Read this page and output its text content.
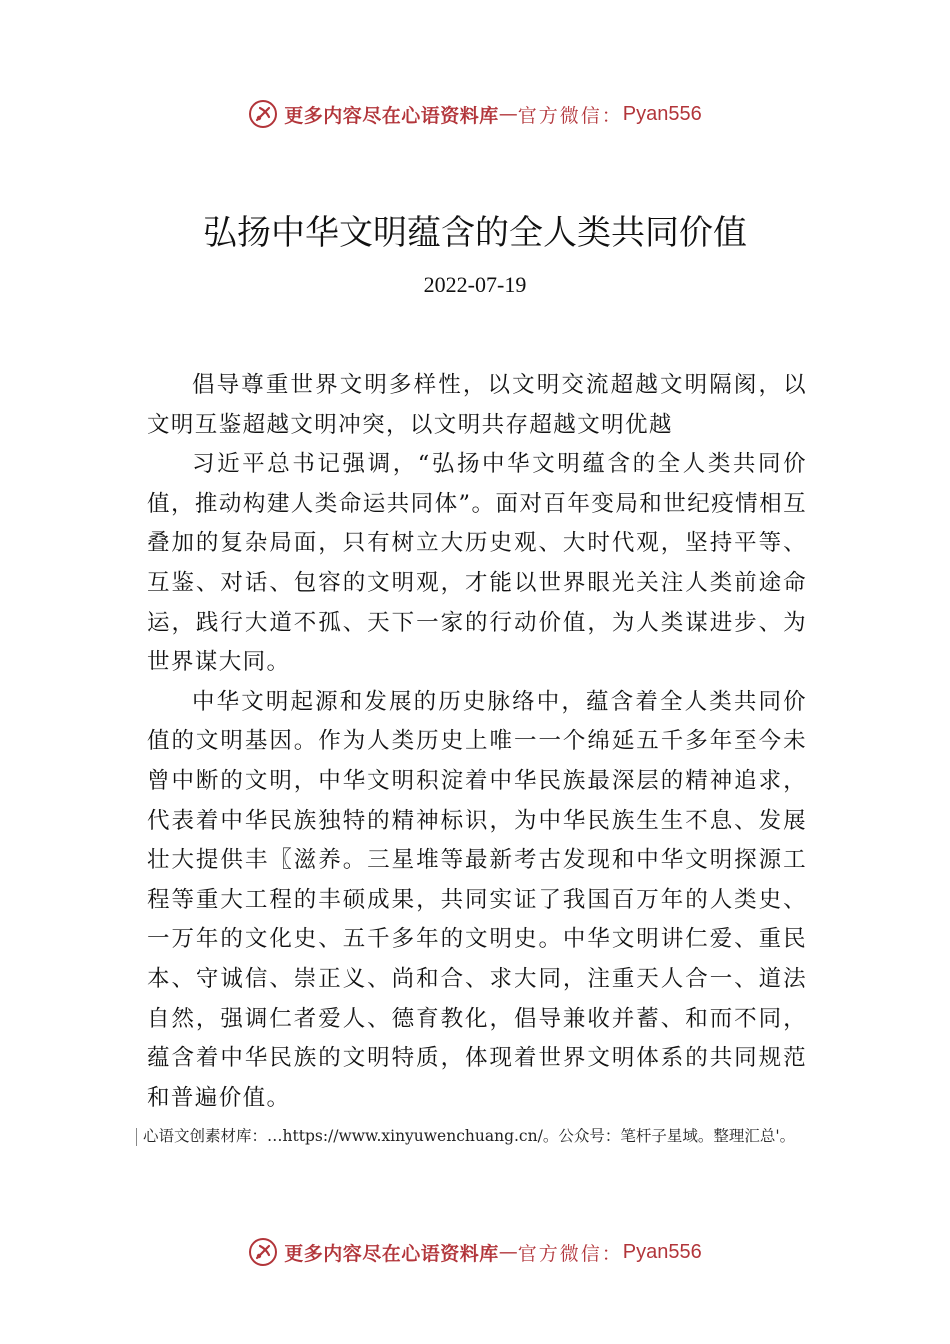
更多内容尽在心语资料库 — 官方微信： Pyan556
弘扬中华文明蕴含的全人类共同价值
2022-07-19

倡导尊重世界文明多样性，以文明交流超越文明隔阂，以文明互鉴超越文明冲突，以文明共存超越文明优越

习近平总书记强调，“弘扬中华文明蕴含的全人类共同价值，推动构建人类命运共同体”。面对百年变局和世纪疫情相互叠加的复杂局面，只有树立大历史观、大时代观，坚持平等、互鉴、对话、包容的文明观，才能以世界眼光关注人类前途命运，践行大道不孤、天下一家的行动价值，为人类谋进步、为世界谋大同。

中华文明起源和发展的历史脉络中，蕴含着全人类共同价值的文明基因。作为人类历史上唯一一个绵延五千多年至今未曾中断的文明，中华文明积淀着中华民族最深层的精神追求，代表着中华民族独特的精神标识，为中华民族生生不息、发展壮大提供丰〖滋养。三星堆等最新考古发现和中华文明探源工程等重大工程的丰硕成果，共同实证了我国百万年的人类史、一万年的文化史、五千多年的文明史。中华文明讲仁爱、重民本、守诚信、崇正义、尚和合、求大同，注重天人合一、道法自然，强调仁者爱人、德育教化，倡导兼收并蓄、和而不同，蕴含着中华民族的文明特质，体现着世界文明体系的共同规范和普遍价值。

心语文创素材库：…https://www.xinyuwenchuang.cn/。公众号：笔杆子星域。整理汇总'。
更多内容尽在心语资料库 — 官方微信： Pyan556
